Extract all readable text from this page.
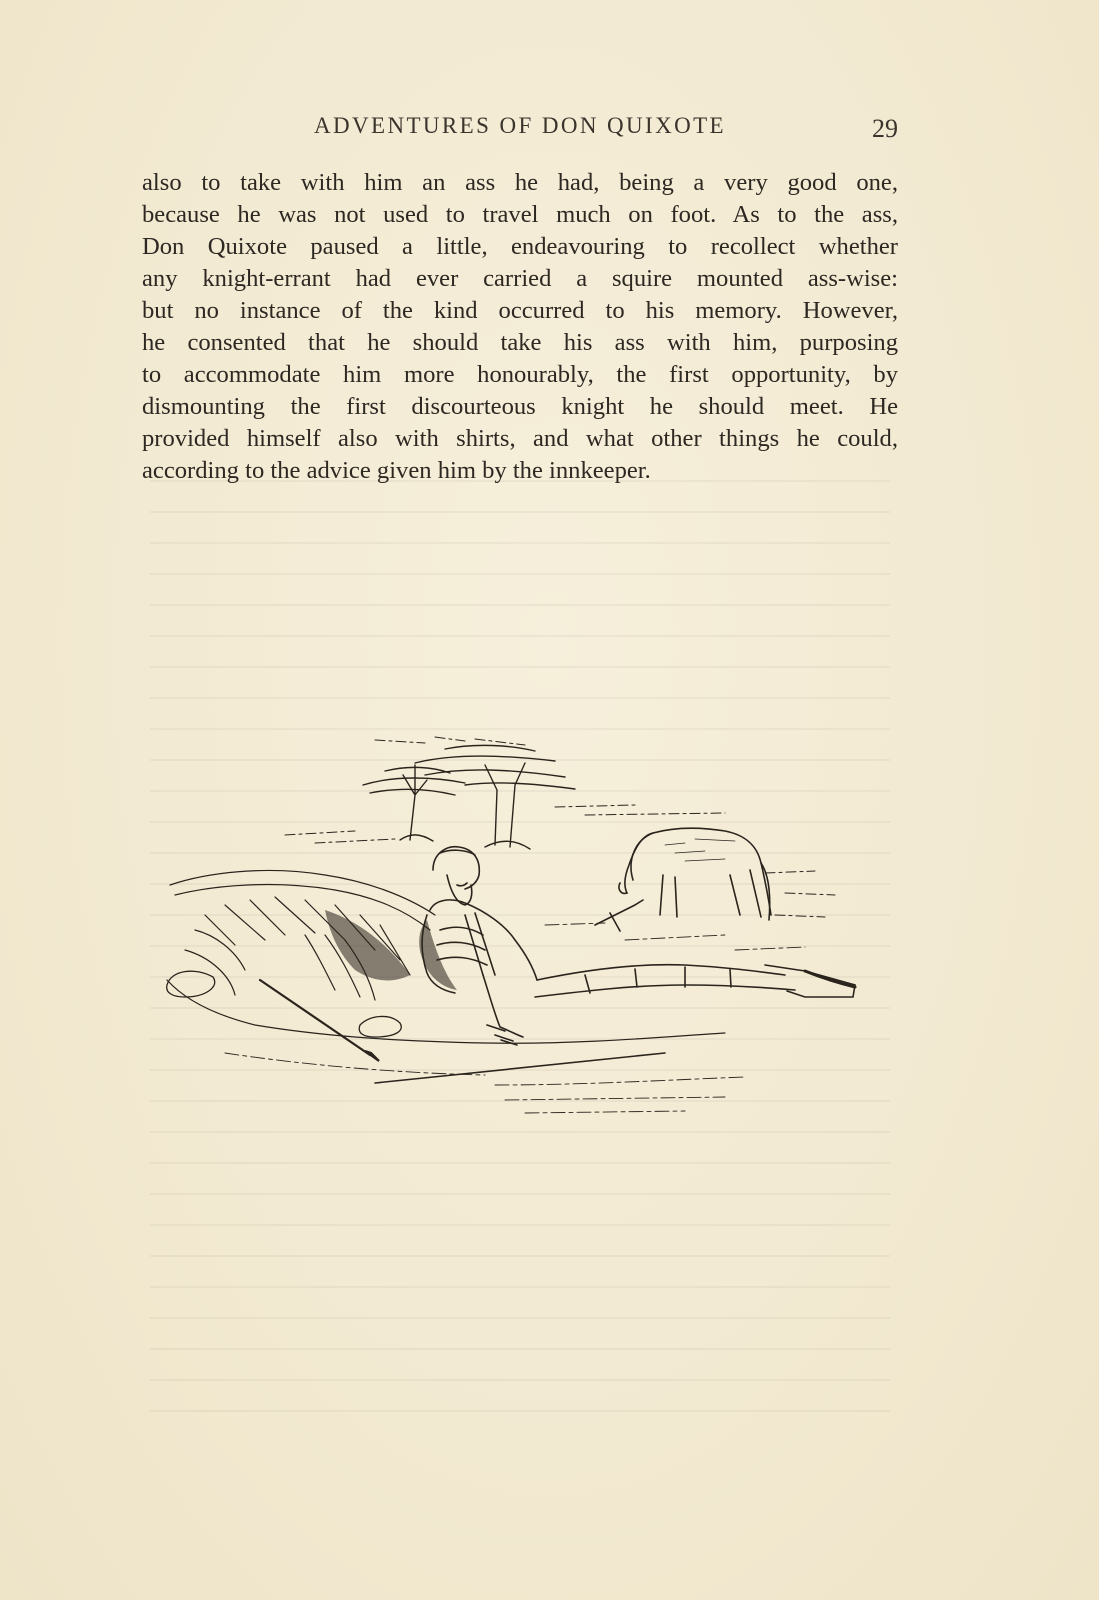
ADVENTURES OF DON QUIXOTE	29
also to take with him an ass he had, being a very good one,
because he was not used to travel much on foot. As to the ass,
Don Quixote paused a little, endeavouring to recollect whether
any knight-errant had ever carried a squire mounted ass-wise:
but no instance of the kind occurred to his memory. However,
he consented that he should take his ass with him, purposing
to accommodate him more honourably, the first opportunity, by
dismounting the first discourteous knight he should meet. He
provided himself also with shirts, and what other things he could,
according to the advice given him by the innkeeper.
